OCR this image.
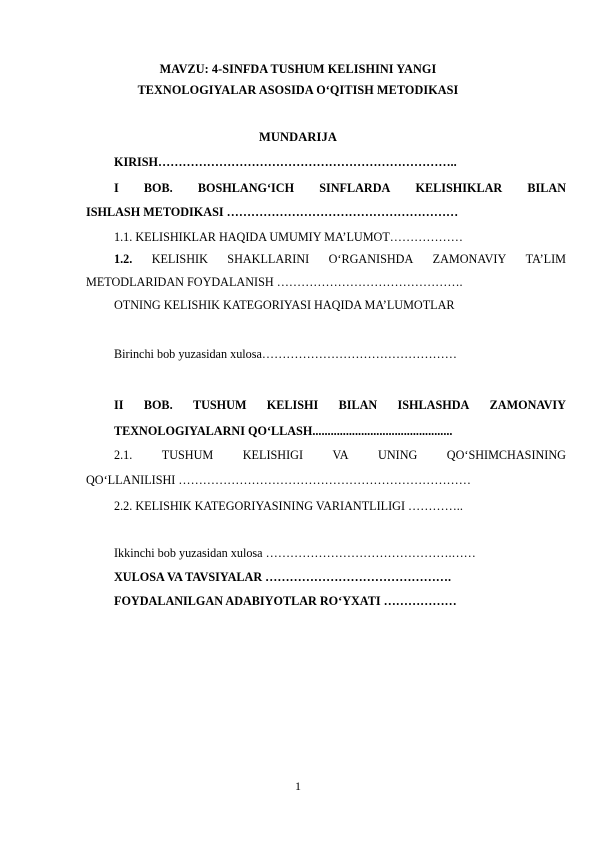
MAVZU: 4-SINFDA TUSHUM KELISHINI YANGI
TEXNOLOGIYALAR ASOSIDA O‘QITISH METODIKASI
MUNDARIJA
KIRISH………………………………………………………………..
I BOB. BOSHLANG‘ICH SINFLARDA KELISHIKLAR BILAN
ISHLASH METODIKASI …………………………………………………
1.1. KELISHIKLAR HAQIDA UMUMIY MA’LUMOT………………
1.2. KELISHIK SHAKLLARINI O‘RGANISHDA ZAMONAVIY TA’LIM
METODLARIDAN FOYDALANISH ……………………………………….
OTNING KELISHIK KATEGORIYASI HAQIDA MA’LUMOTLAR
Birinchi bob yuzasidan xulosa…………………………………………
II BOB. TUSHUM KELISHI BILAN ISHLASHDA ZAMONAVIY
TEXNOLOGIYALARNI QO‘LLASH..............................................
2.1. TUSHUM KELISHIGI VA UNING QO‘SHIMCHASINING
QO‘LLANILISHI ………………………………………………………………
2.2. KELISHIK KATEGORIYASINING VARIANTLILIGI …………..
Ikkinchi bob yuzasidan xulosa ……………………………………….……
XULOSA VA TAVSIYALAR ……………………………………….
FOYDALANILGAN ADABIYOTLAR RO‘YXATI ………………
1
